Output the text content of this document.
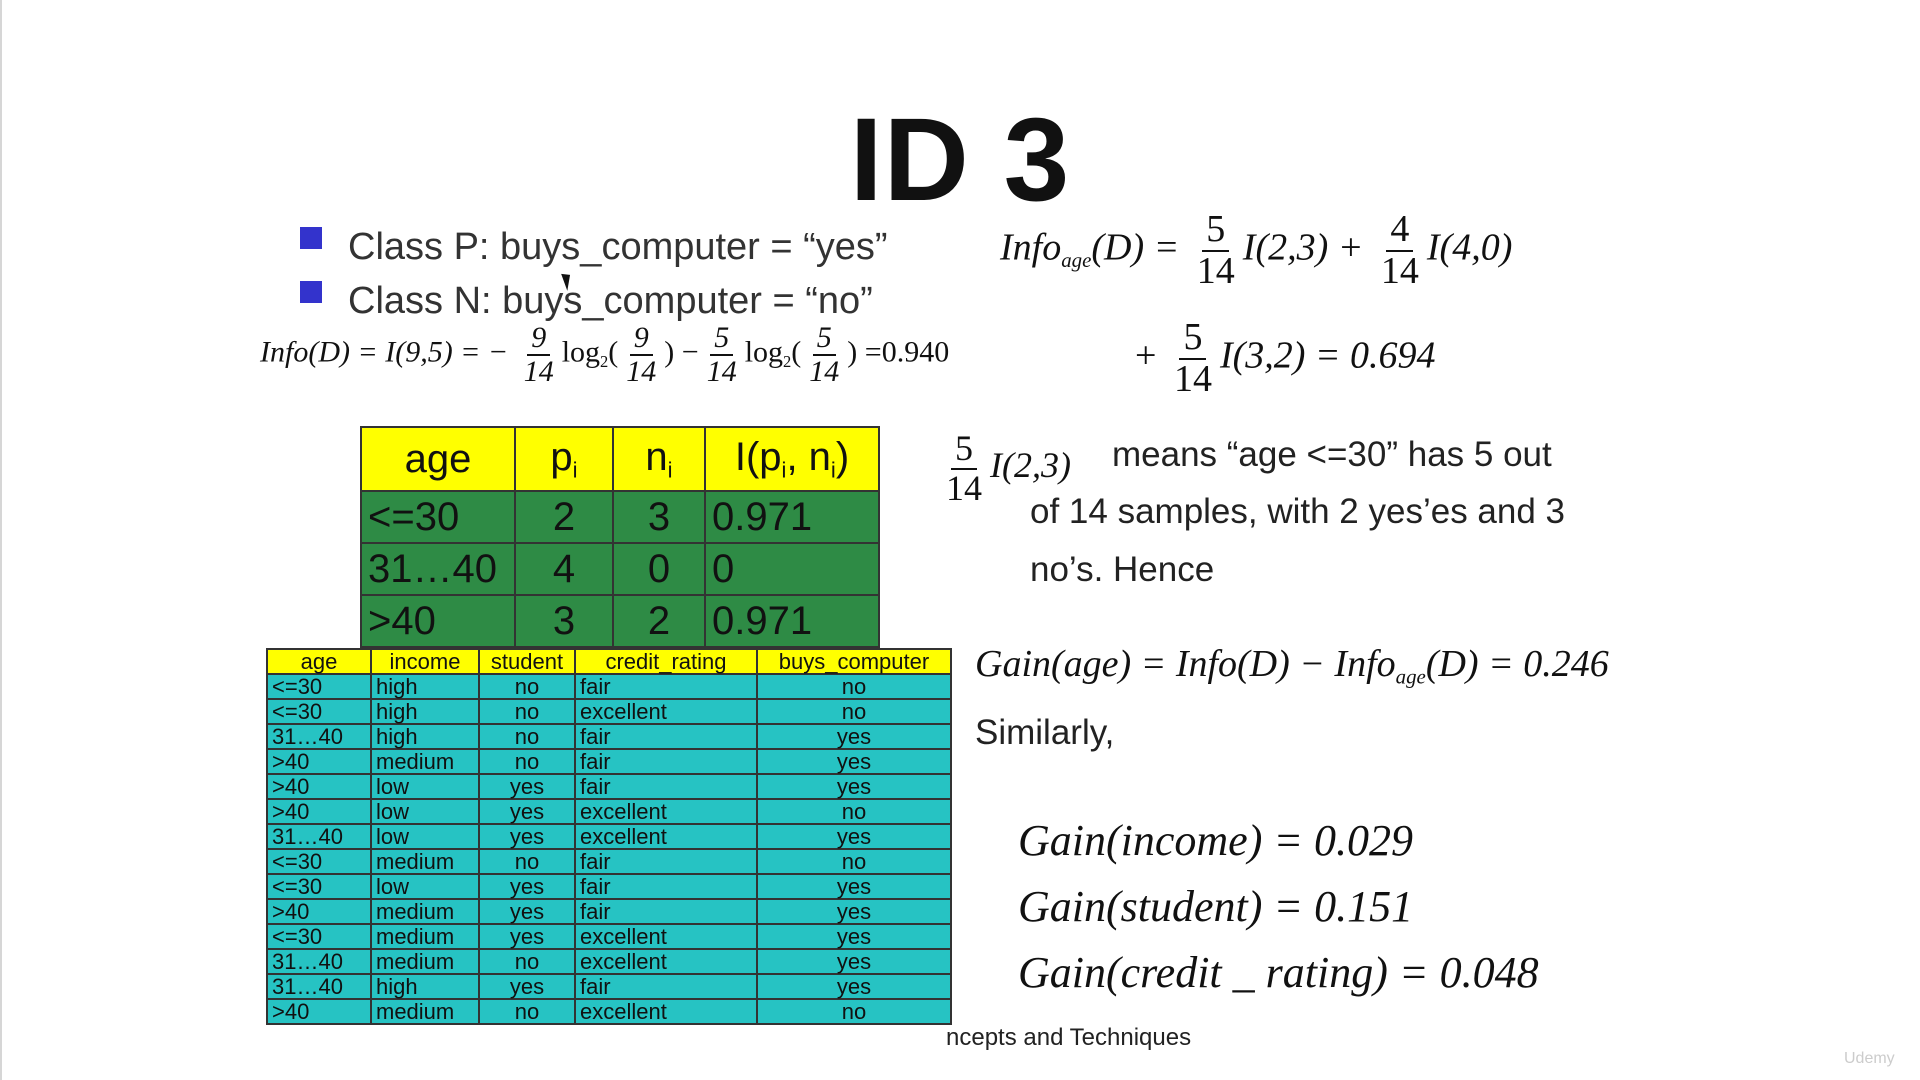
ID 3
Class P: buys_computer = “yes”
Class N: buys_computer = “no”
Info(D) = I(9,5) = − $\frac{9}{14} \log_2( \frac{9}{14}$ ) − $\frac{5}{14} \log_2( \frac{5}{14}$ ) =0.940
Info$_{age}$(D) = $\frac{5}{14} I(2,3) + \frac{4}{14} I(4,0)$
+ $\frac{5}{14} I(3,2) = 0.694$
age	$p_i$	$n_i$	$I(p_i$, $n_i$)
<=30	2	3	0.971
31…40	4	0	0
>40	3	2	0.971
$\frac{5}{14} I(2,3)$ means “age <=30” has 5 out
of 14 samples, with 2 yes’es and 3
no’s. Hence
Gain(age) = Info(D) − Info$_{age}$(D) = 0.246
Similarly,
Gain(income) = 0.029
Gain(student) = 0.151
Gain(credit _ rating) = 0.048
age	income	student	credit_rating	buys_computer
<=30	high	no	fair	no
<=30	high	no	excellent	no
31…40	high	no	fair	yes
>40	medium	no	fair	yes
>40	low	yes	fair	yes
>40	low	yes	excellent	no
31…40	low	yes	excellent	yes
<=30	medium	no	fair	no
<=30	low	yes	fair	yes
>40	medium	yes	fair	yes
<=30	medium	yes	excellent	yes
31…40	medium	no	excellent	yes
31…40	high	yes	fair	yes
>40	medium	no	excellent	no
ncepts and Techniques
Udemy
